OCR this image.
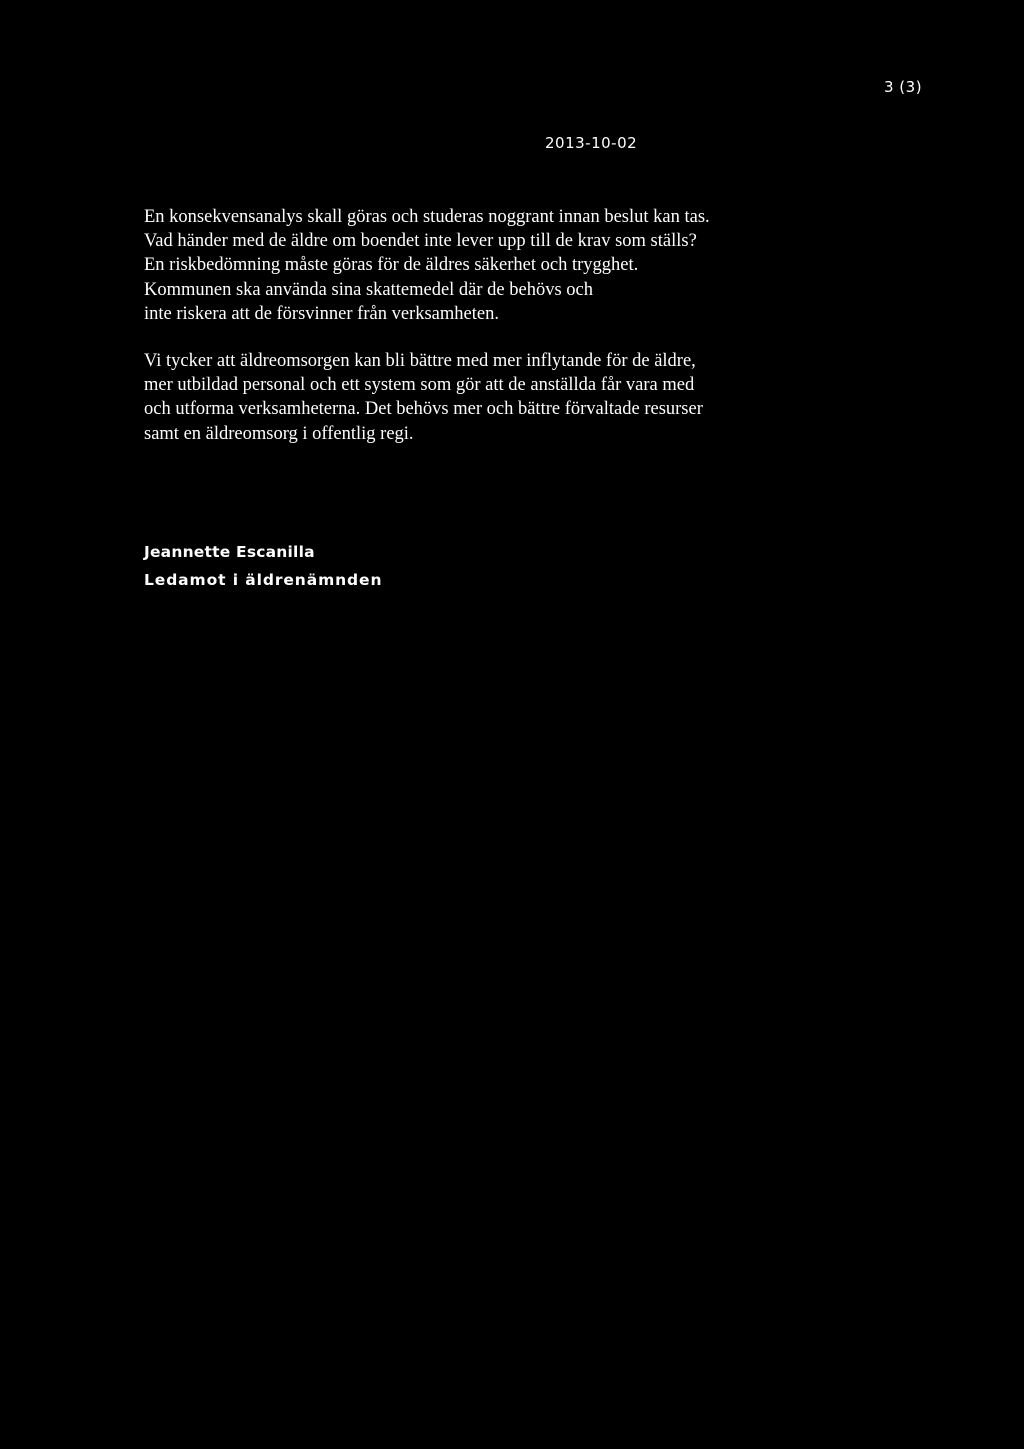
3 (3)
2013-10-02
En konsekvensanalys skall göras och studeras noggrant innan beslut kan tas.
Vad händer med de äldre om boendet inte lever upp till de krav som ställs?
En riskbedömning måste göras för de äldres säkerhet och trygghet.
Kommunen ska använda sina skattemedel där de behövs och
inte riskera att de försvinner från verksamheten.
Vi tycker att äldreomsorgen kan bli bättre med mer inflytande för de äldre,
mer utbildad personal och ett system som gör att de anställda får vara med
och utforma verksamheterna. Det behövs mer och bättre förvaltade resurser
samt en äldreomsorg i offentlig regi.
Jeannette Escanilla
Ledamot i äldrenämnden
